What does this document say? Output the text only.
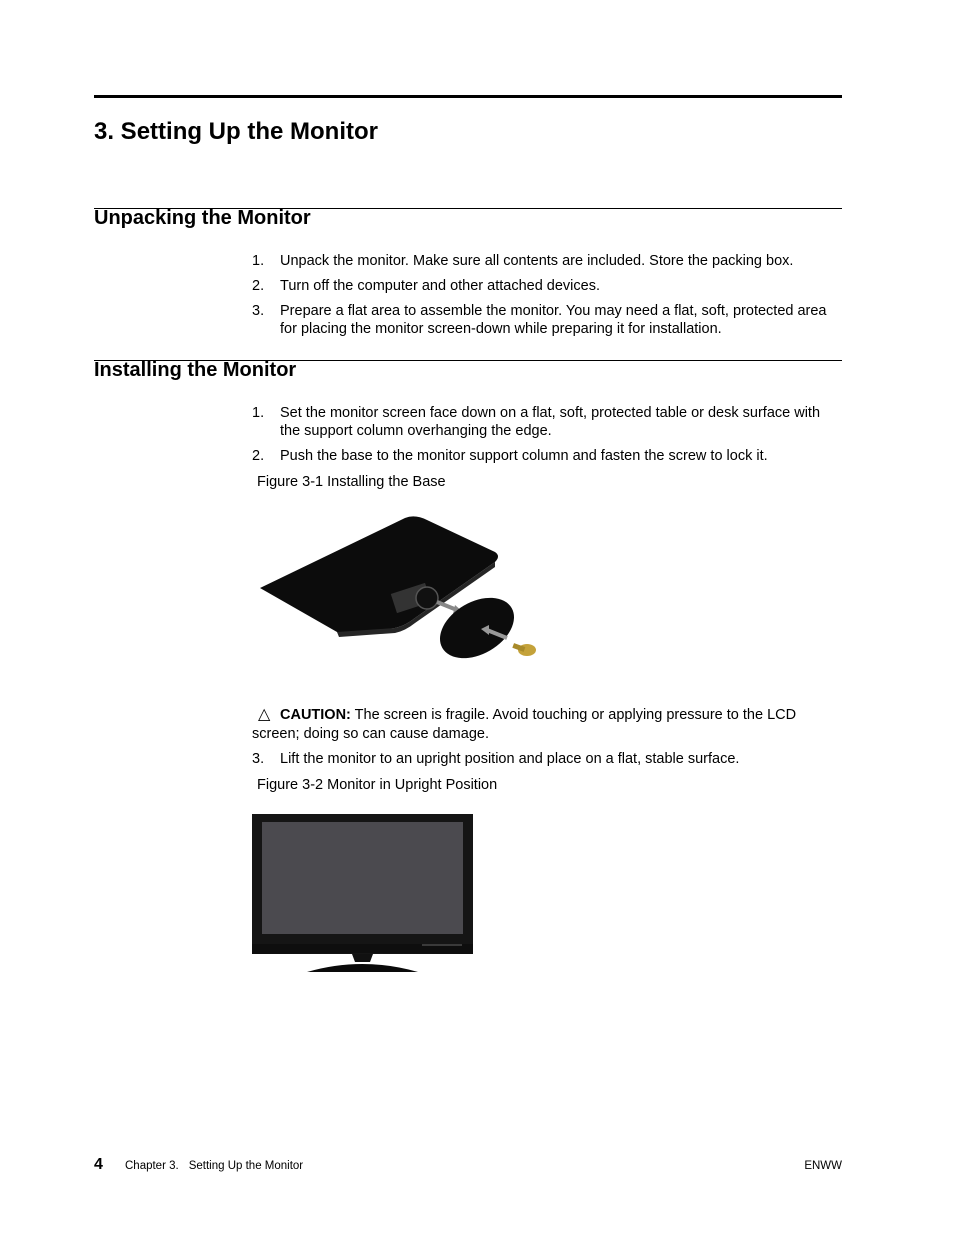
3. Setting Up the Monitor
Unpacking the Monitor
1. Unpack the monitor. Make sure all contents are included. Store the packing box.
2. Turn off the computer and other attached devices.
3. Prepare a flat area to assemble the monitor. You may need a flat, soft, protected area for placing the monitor screen-down while preparing it for installation.
Installing the Monitor
1. Set the monitor screen face down on a flat, soft, protected table or desk surface with the support column overhanging the edge.
2. Push the base to the monitor support column and fasten the screw to lock it.
Figure 3-1 Installing the Base
△ CAUTION: The screen is fragile. Avoid touching or applying pressure to the LCD screen; doing so can cause damage.
3. Lift the monitor to an upright position and place on a flat, stable surface.
Figure 3-2 Monitor in Upright Position
4 Chapter 3. Setting Up the Monitor	ENWW
